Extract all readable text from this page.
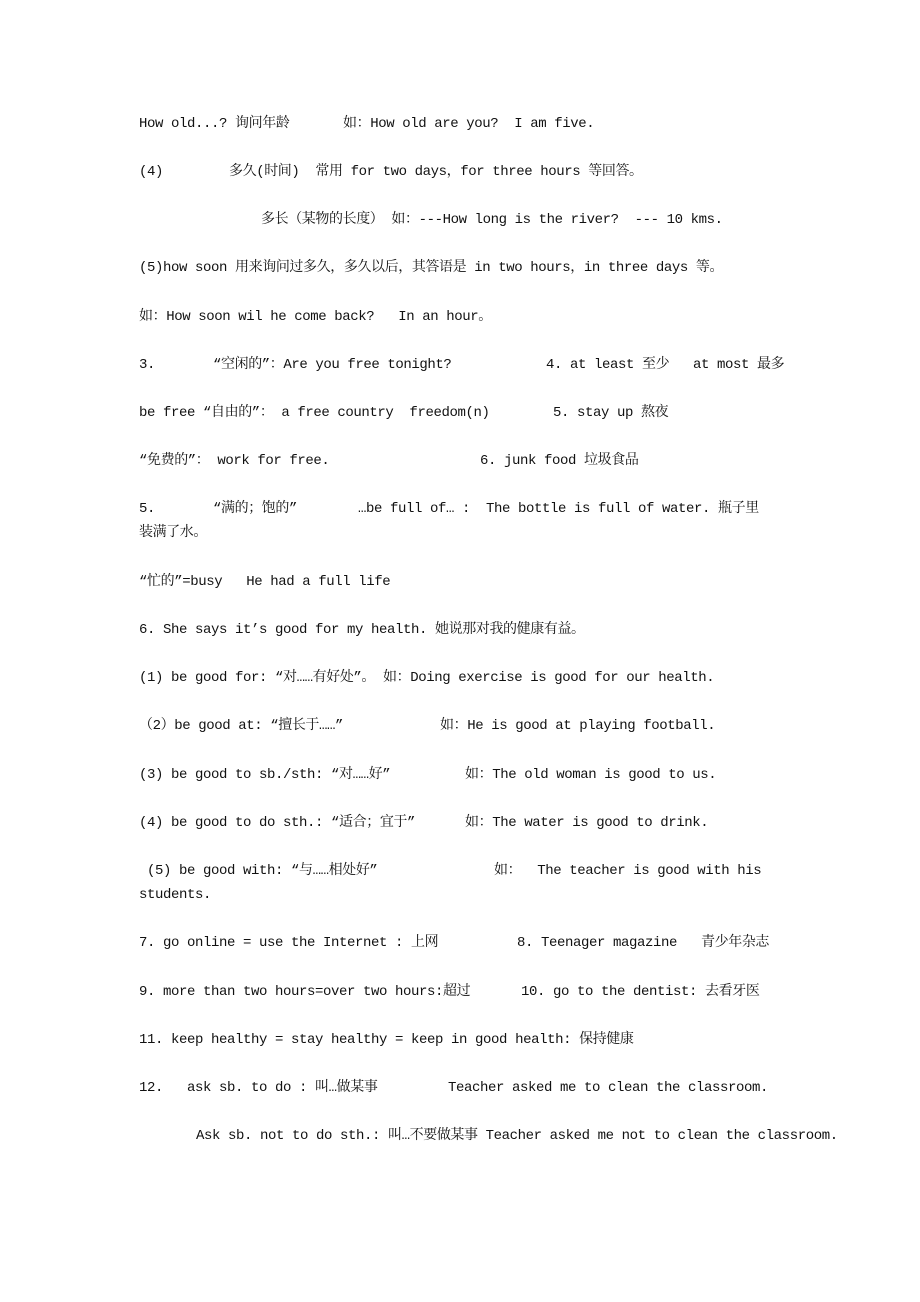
How old...? 询问年龄	如：How old are you?  I am five.
(4)	多久(时间)  常用 for two days，for three hours 等回答。
多长（某物的长度） 如：---How long is the river?  --- 10 kms.
(5)how soon 用来询问过多久，多久以后，其答语是 in two hours，in three days 等。
如：How soon wil he come back?   In an hour。
3.	“空闲的”：Are you free tonight?	4. at least 至少 at most 最多
be free “自由的”： a free country  freedom(n)	5. stay up 熬夜
“免费的”： work for free.	6. junk food 垃圾食品
5.	“满的；饱的”	…be full of… :  The bottle is full of water. 瓶子里
装满了水。
“忙的”=busy   He had a full life
6. She says it’s good for my health. 她说那对我的健康有益。
(1) be good for: “对……有好处”。 如：Doing exercise is good for our health.
（2）be good at: “擅长于……”	如：He is good at playing football.
(3) be good to sb./sth: “对……好”	如：The old woman is good to us.
(4) be good to do sth.: “适合；宜于”	如：The water is good to drink.
(5) be good with: “与……相处好”	如：  The teacher is good with his
students.
7. go online = use the Internet : 上网	8. Teenager magazine   青少年杂志
9. more than two hours=over two hours:超过	10. go to the dentist: 去看牙医
11. keep healthy = stay healthy = keep in good health: 保持健康
12. ask sb. to do : 叫…做某事	Teacher asked me to clean the classroom.
Ask sb. not to do sth.: 叫…不要做某事 Teacher asked me not to clean the classroom.
